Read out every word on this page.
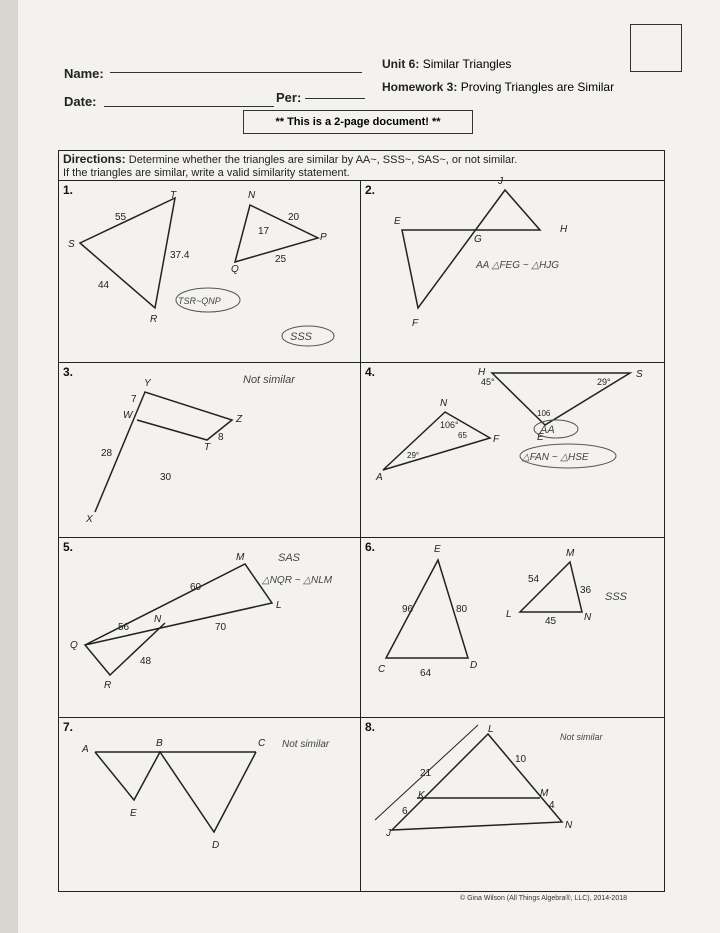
Name:
Date:	Per:
Unit 6: Similar Triangles
Homework 3: Proving Triangles are Similar
** This is a 2-page document! **
Directions: Determine whether the triangles are similar by AA~, SSS~, SAS~, or not similar.
If the triangles are similar, write a valid similarity statement.
1.	2.
3.	4.
5.	6.
7.	8.
T
S
R
N
P
Q
J
E
H
G
F
Y
W	Z
T
X
N
F
A
H	S
E
M
L
N
Q
R
E
C	D
M
L	N
A
B	C
E
D
L
M
K
J
N
55
37.4
44
20
17
25
7
8
28
30
106°
65
29°
45°	29°
106
60
70
56
48
96	80
64
54
36
45
21
10
4
6
SSS
TSR~QNP
AA △FEG ~ △HJG
Not similar
AA
△FAN ~ △HSE
SAS
△NQR ~ △NLM
SSS
Not similar
Not similar
© Gina Wilson (All Things Algebra®, LLC), 2014-2018
